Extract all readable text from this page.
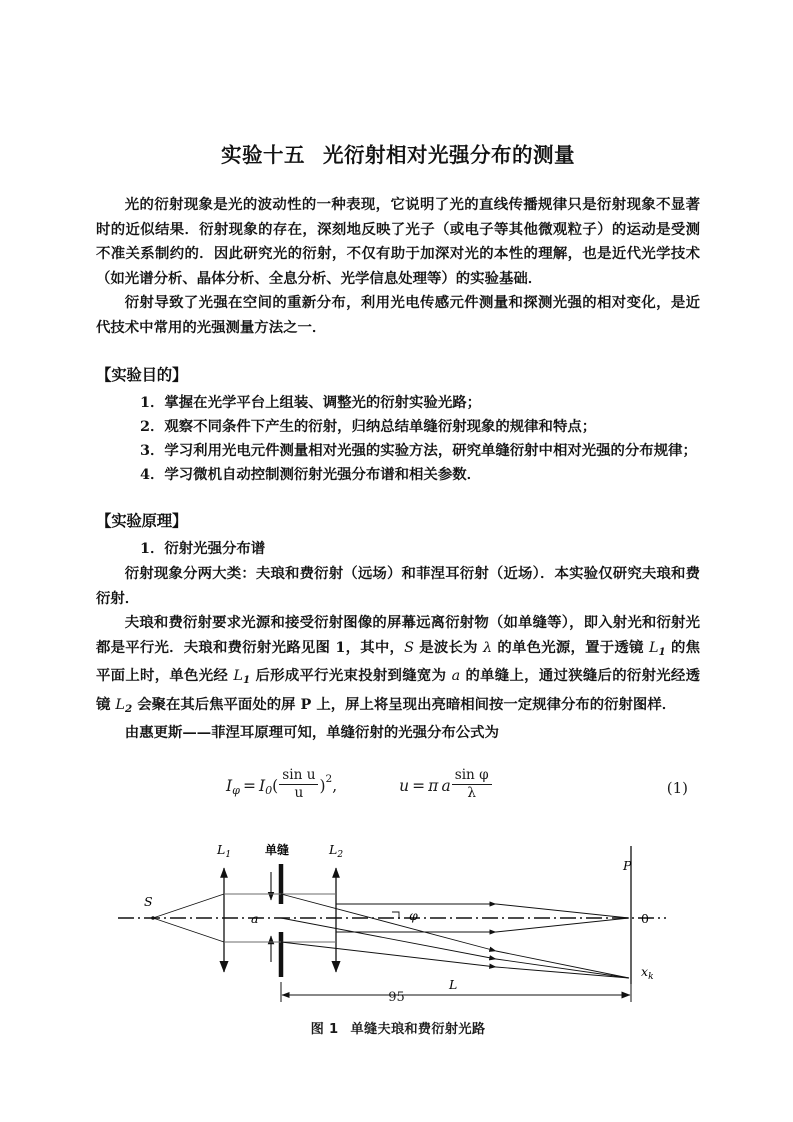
实验十五 光衍射相对光强分布的测量

光的衍射现象是光的波动性的一种表现，它说明了光的直线传播规律只是衍射现象不显著时的近似结果．衍射现象的存在，深刻地反映了光子（或电子等其他微观粒子）的运动是受测不准关系制约的．因此研究光的衍射，不仅有助于加深对光的本性的理解，也是近代光学技术（如光谱分析、晶体分析、全息分析、光学信息处理等）的实验基础．

衍射导致了光强在空间的重新分布，利用光电传感元件测量和探测光强的相对变化，是近代技术中常用的光强测量方法之一．

【实验目的】
1．掌握在光学平台上组装、调整光的衍射实验光路；
2．观察不同条件下产生的衍射，归纳总结单缝衍射现象的规律和特点；
3．学习利用光电元件测量相对光强的实验方法，研究单缝衍射中相对光强的分布规律；
4．学习微机自动控制测衍射光强分布谱和相关参数．
【实验原理】

1．衍射光强分布谱

衍射现象分两大类：夫琅和费衍射（远场）和菲涅耳衍射（近场）．本实验仅研究夫琅和费衍射．

夫琅和费衍射要求光源和接受衍射图像的屏幕远离衍射物（如单缝等），即入射光和衍射光都是平行光．夫琅和费衍射光路见图 1，其中，S 是波长为 λ 的单色光源，置于透镜 $L_1$ 的焦平面上时，单色光经 $L_1$ 后形成平行光束投射到缝宽为 a 的单缝上，通过狭缝后的衍射光经透镜 $L_2$ 会聚在其后焦平面处的屏 P 上，屏上将呈现出亮暗相间按一定规律分布的衍射图样．

由惠更斯——菲涅耳原理可知，单缝衍射的光强分布公式为

$I_\varphi = I_0( \frac{\text{sin u}}{u} )^2$,	u = π  a $\frac{\text{sin φ}}{\lambda}$	(1)
S
$L_1$	单缝
a
$L_2$
P
0
$x_k$
φ
L

图 1 单缝夫琅和费衍射光路

95
